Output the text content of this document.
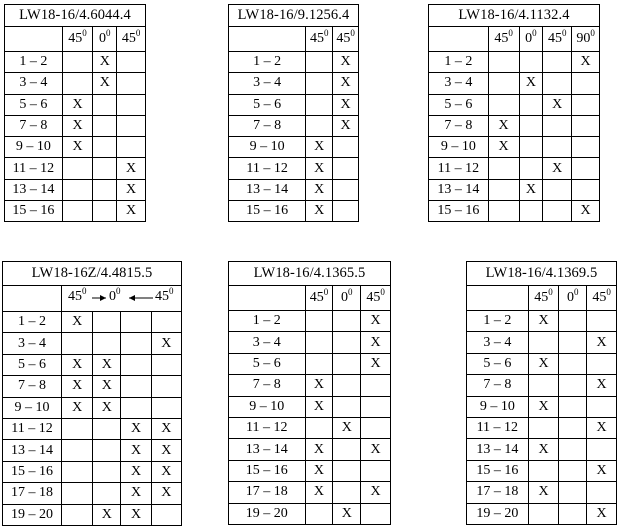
LW18-16/4.6044.4			
	$45^0$	$0^0$	$45^0$
1 – 2		X	
3 – 4		X	
5 – 6	X		
7 – 8	X		
9 – 10	X		
11 – 12			X
13 – 14			X
15 – 16			X
LW18-16/9.1256.4		
	$45^0$	$45^0$
1 – 2		X
3 – 4		X
5 – 6		X
7 – 8		X
9 – 10	X	
11 – 12	X	
13 – 14	X	
15 – 16	X	
LW18-16/4.1132.4				
	$45^0$	$0^0$	$45^0$	$90^0$
1 – 2				X
3 – 4		X		
5 – 6			X	
7 – 8	X			
9 – 10	X			
11 – 12			X	
13 – 14		X		
15 – 16				X
LW18-16Z/4.4815.5				

	$45^0$ $0^0$ $45^0$

1 – 2	X			
3 – 4				X
5 – 6	X	X		
7 – 8	X	X		
9 – 10	X	X		
11 – 12			X	X
13 – 14			X	X
15 – 16			X	X
17 – 18			X	X
19 – 20		X	X	
LW18-16/4.1365.5			
	$45^0$	$0^0$	$45^0$
1 – 2			X
3 – 4			X
5 – 6			X
7 – 8	X		
9 – 10	X		
11 – 12		X	
13 – 14	X		X
15 – 16	X		
17 – 18	X		X
19 – 20		X	
LW18-16/4.1369.5			
	$45^0$	$0^0$	$45^0$
1 – 2	X		
3 – 4			X
5 – 6	X		
7 – 8			X
9 – 10	X		
11 – 12			X
13 – 14	X		
15 – 16			X
17 – 18	X		
19 – 20			X
